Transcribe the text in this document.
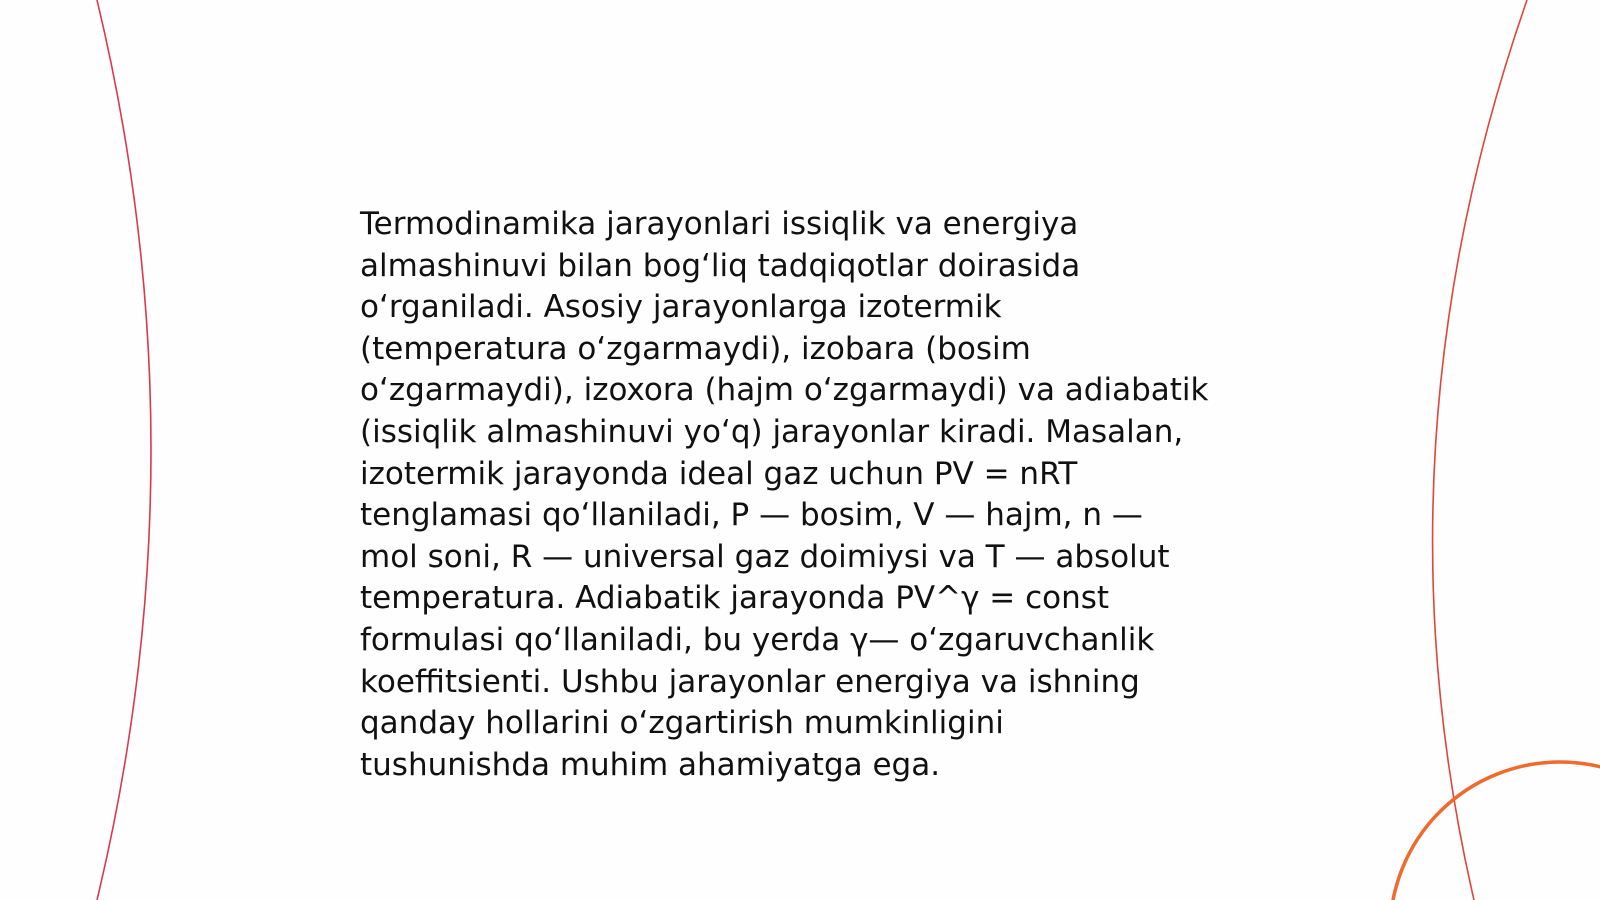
Termodinamika jarayonlari issiqlik va energiya
almashinuvi bilan bog‘liq tadqiqotlar doirasida
o‘rganiladi. Asosiy jarayonlarga izotermik
(temperatura o‘zgarmaydi), izobara (bosim
o‘zgarmaydi), izoxora (hajm o‘zgarmaydi) va adiabatik
(issiqlik almashinuvi yo‘q) jarayonlar kiradi. Masalan,
izotermik jarayonda ideal gaz uchun PV = nRT
tenglamasi qo‘llaniladi, P — bosim, V — hajm, n —
mol soni, R — universal gaz doimiysi va T — absolut
temperatura. Adiabatik jarayonda PV^γ = const
formulasi qo‘llaniladi, bu yerda γ— o‘zgaruvchanlik
koeffitsienti. Ushbu jarayonlar energiya va ishning
qanday hollarini o‘zgartirish mumkinligini
tushunishda muhim ahamiyatga ega.
